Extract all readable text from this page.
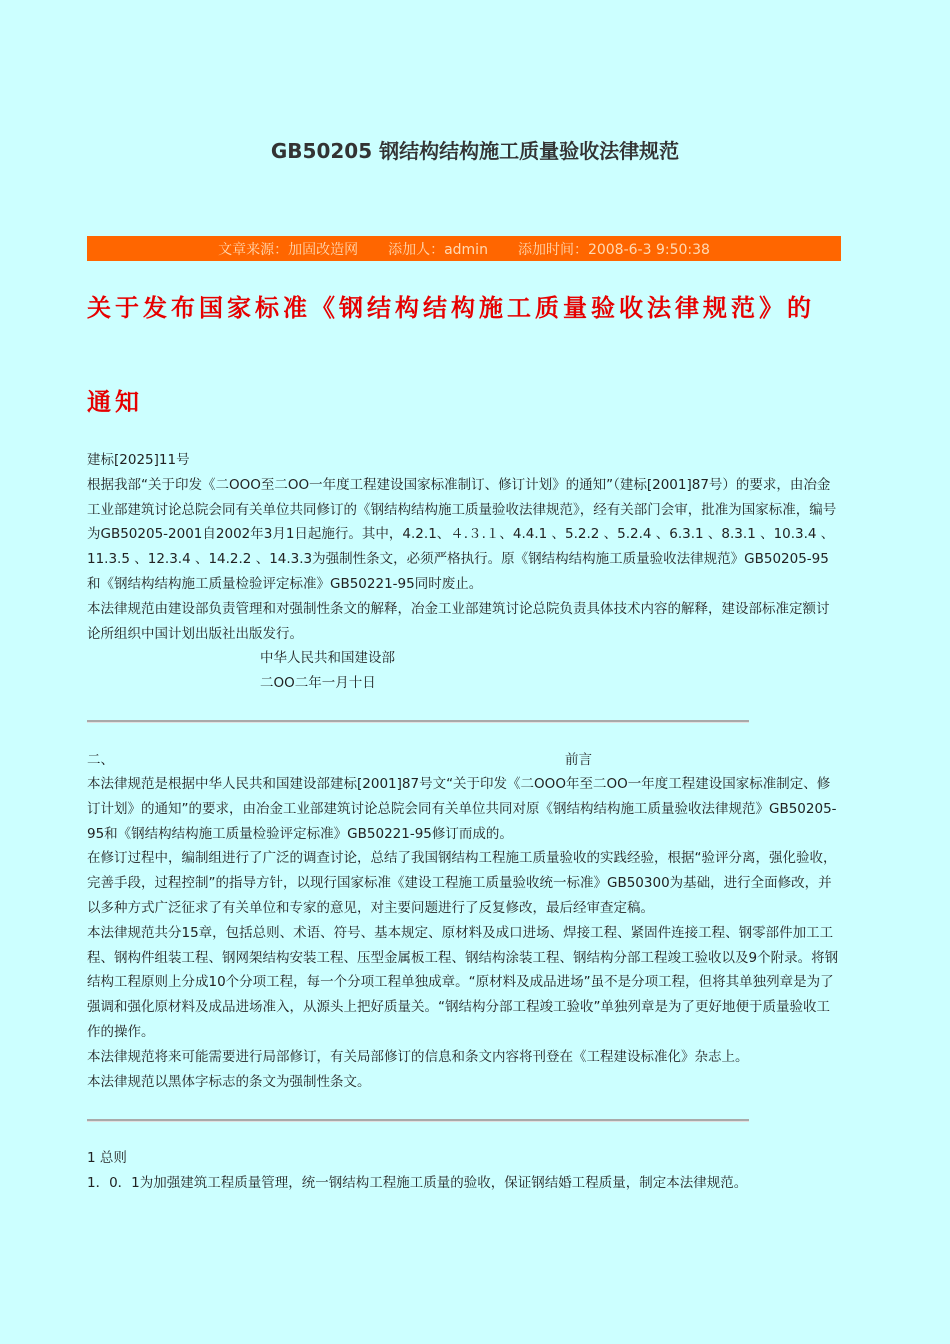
GB50205 钢结构结构施工质量验收法律规范
文章来源：加固改造网 添加人：admin 添加时间：2008-6-3 9:50:38
关于发布国家标准《钢结构结构施工质量验收法律规范》的
通知

建标[2025]11号

根据我部“关于印发《二OOO至二OO一年度工程建设国家标准制订、修订计划》的通知”（建标[2001]87号）的要求，由冶金工业部建筑讨论总院会同有关单位共同修订的《钢结构结构施工质量验收法律规范》，经有关部门会审，批准为国家标准，编号为GB50205-2001自2002年3月1日起施行。其中，4.2.1、４.３.１、4.4.1 、5.2.2 、5.2.4 、6.3.1 、8.3.1 、10.3.4 、11.3.5 、12.3.4 、14.2.2 、14.3.3为强制性条文，必须严格执行。原《钢结构结构施工质量验收法律规范》GB50205-95和《钢结构结构施工质量检验评定标准》GB50221-95同时废止。

本法律规范由建设部负责管理和对强制性条文的解释，冶金工业部建筑讨论总院负责具体技术内容的解释，建设部标准定额讨论所组织中国计划出版社出版发行。

中华人民共和国建设部

二OO二年一月十日

二、	前言

本法律规范是根据中华人民共和国建设部建标[2001]87号文“关于印发《二OOO年至二OO一年度工程建设国家标准制定、修订计划》的通知”的要求，由冶金工业部建筑讨论总院会同有关单位共同对原《钢结构结构施工质量验收法律规范》GB50205-95和《钢结构结构施工质量检验评定标准》GB50221-95修订而成的。

在修订过程中，编制组进行了广泛的调查讨论，总结了我国钢结构工程施工质量验收的实践经验，根据“验评分离，强化验收，完善手段，过程控制”的指导方针，以现行国家标准《建设工程施工质量验收统一标准》GB50300为基础，进行全面修改，并以多种方式广泛征求了有关单位和专家的意见，对主要问题进行了反复修改，最后经审查定稿。

本法律规范共分15章，包括总则、术语、符号、基本规定、原材料及成口进场、焊接工程、紧固件连接工程、钢零部件加工工程、钢构件组装工程、钢网架结构安装工程、压型金属板工程、钢结构涂装工程、钢结构分部工程竣工验收以及9个附录。将钢结构工程原则上分成10个分项工程，每一个分项工程单独成章。“原材料及成品进场”虽不是分项工程，但将其单独列章是为了强调和强化原材料及成品进场准入，从源头上把好质量关。“钢结构分部工程竣工验收”单独列章是为了更好地便于质量验收工作的操作。

本法律规范将来可能需要进行局部修订，有关局部修订的信息和条文内容将刊登在《工程建设标准化》杂志上。

本法律规范以黑体字标志的条文为强制性条文。

1 总则

1．0．1为加强建筑工程质量管理，统一钢结构工程施工质量的验收，保证钢结婚工程质量，制定本法律规范。
